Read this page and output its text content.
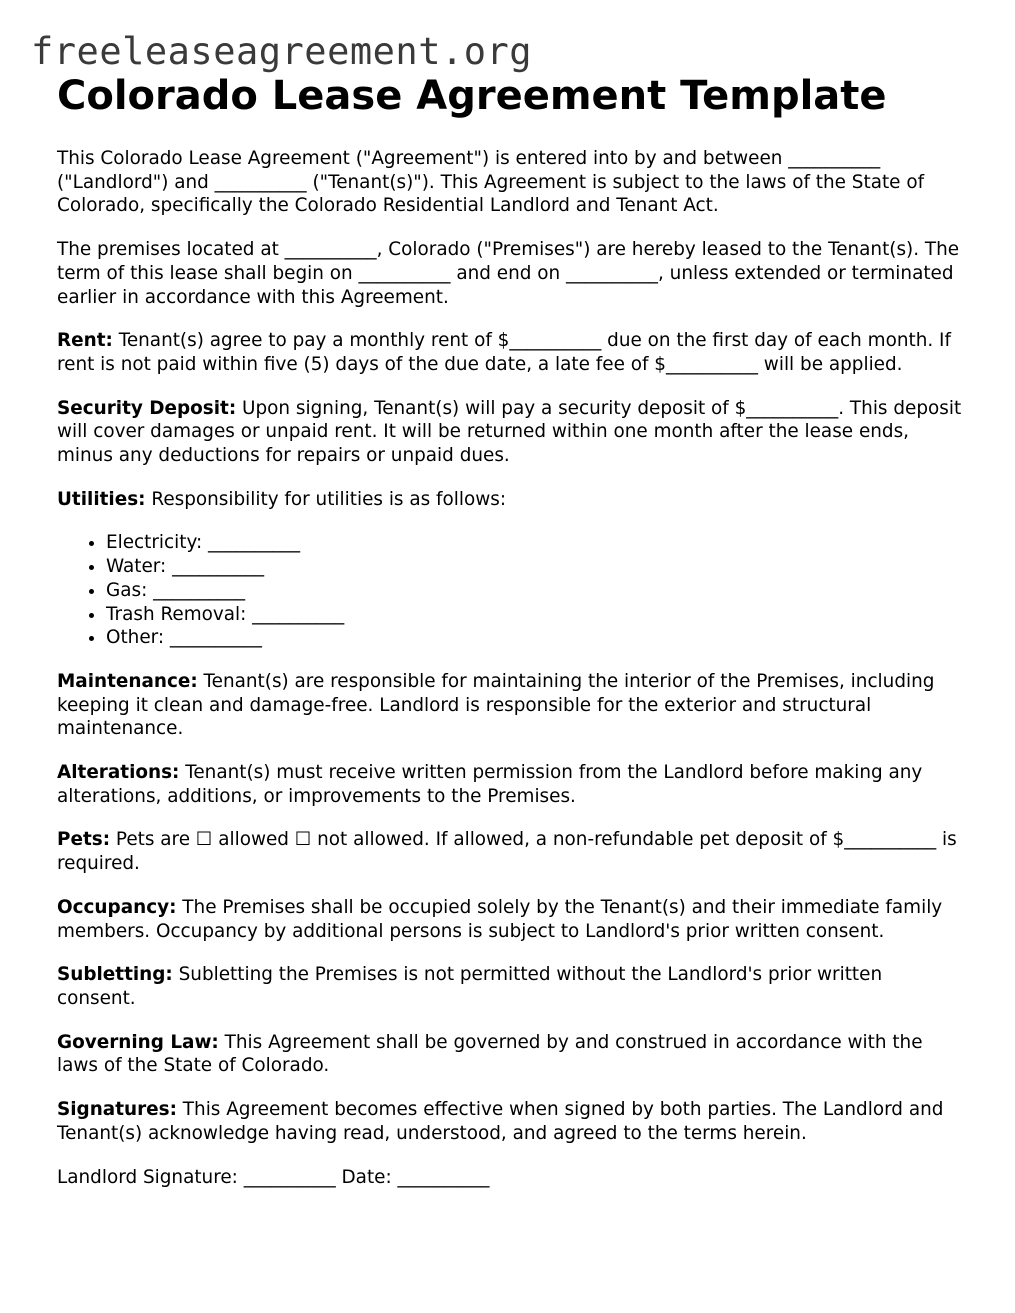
freeleaseagreement.org
Colorado Lease Agreement Template

This Colorado Lease Agreement ("Agreement") is entered into by and between __________ ("Landlord") and __________ ("Tenant(s)"). This Agreement is subject to the laws of the State of Colorado, specifically the Colorado Residential Landlord and Tenant Act.

The premises located at __________, Colorado ("Premises") are hereby leased to the Tenant(s). The term of this lease shall begin on __________ and end on __________, unless extended or terminated earlier in accordance with this Agreement.

Rent: Tenant(s) agree to pay a monthly rent of $__________ due on the first day of each month. If rent is not paid within five (5) days of the due date, a late fee of $__________ will be applied.

Security Deposit: Upon signing, Tenant(s) will pay a security deposit of $__________. This deposit will cover damages or unpaid rent. It will be returned within one month after the lease ends, minus any deductions for repairs or unpaid dues.

Utilities: Responsibility for utilities is as follows:

• Electricity: __________
• Water: __________
• Gas: __________
• Trash Removal: __________
• Other: __________

Maintenance: Tenant(s) are responsible for maintaining the interior of the Premises, including keeping it clean and damage-free. Landlord is responsible for the exterior and structural maintenance.

Alterations: Tenant(s) must receive written permission from the Landlord before making any alterations, additions, or improvements to the Premises.

Pets: Pets are ☐ allowed ☐ not allowed. If allowed, a non-refundable pet deposit of $__________ is required.

Occupancy: The Premises shall be occupied solely by the Tenant(s) and their immediate family members. Occupancy by additional persons is subject to Landlord's prior written consent.

Subletting: Subletting the Premises is not permitted without the Landlord's prior written consent.

Governing Law: This Agreement shall be governed by and construed in accordance with the laws of the State of Colorado.

Signatures: This Agreement becomes effective when signed by both parties. The Landlord and Tenant(s) acknowledge having read, understood, and agreed to the terms herein.

Landlord Signature: __________ Date: __________
